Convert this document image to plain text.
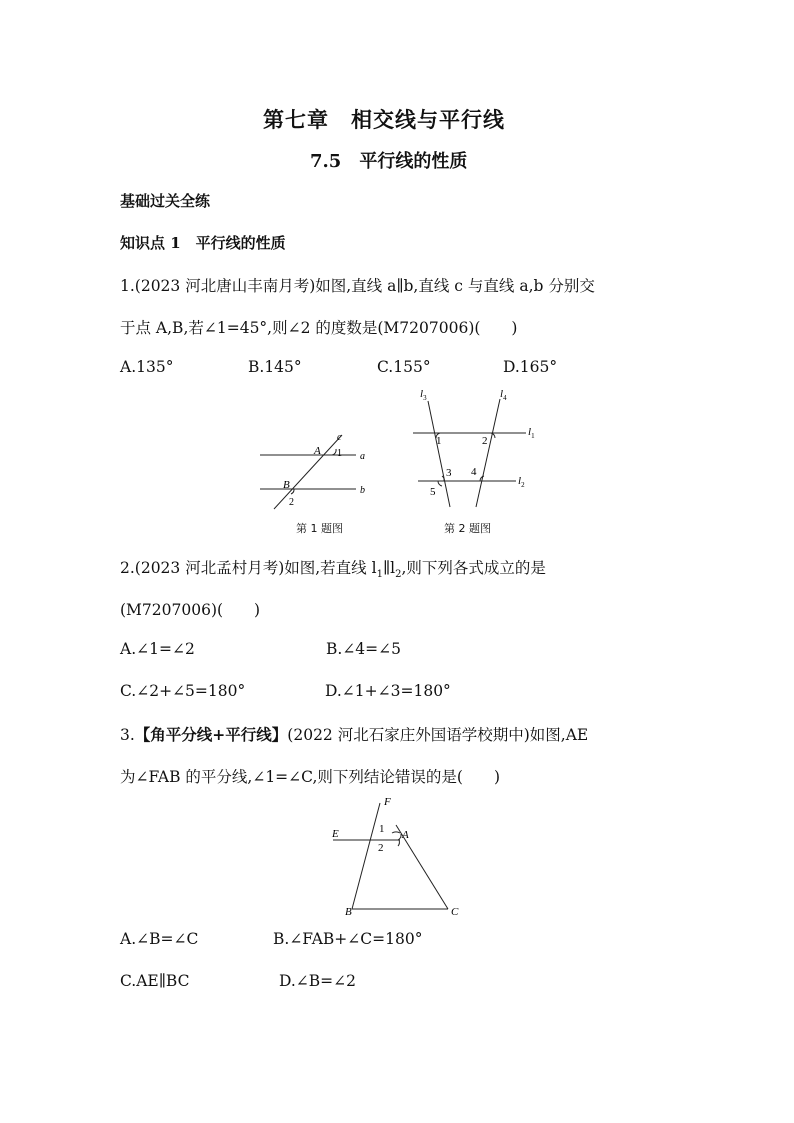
第七章　相交线与平行线
7.5　平行线的性质
基础过关全练
知识点 1　平行线的性质
1.(2023 河北唐山丰南月考)如图,直线 a∥b,直线 c 与直线 a,b 分别交
于点 A,B,若∠1=45°,则∠2 的度数是(M7207006)(　　)
A.135°	B.145°	C.155°	D.165°
A
c
1 a
B	b
2
第 1 题图
$l_3$	$l_4$
$l_1$
$l_2$
1	2
3 4
5
第 2 题图
2.(2023 河北孟村月考)如图,若直线 $l_1\parallel l_2$,则下列各式成立的是
(M7207006)(　　)
A.∠1=∠2	B.∠4=∠5
C.∠2+∠5=180°	D.∠1+∠3=180°
3.【角平分线+平行线】(2022 河北石家庄外国语学校期中)如图,AE
为∠FAB 的平分线,∠1=∠C,则下列结论错误的是(　　)
F
E	1
2
A
B	C
A.∠B=∠C	B.∠FAB+∠C=180°
C.AE∥BC	D.∠B=∠2
